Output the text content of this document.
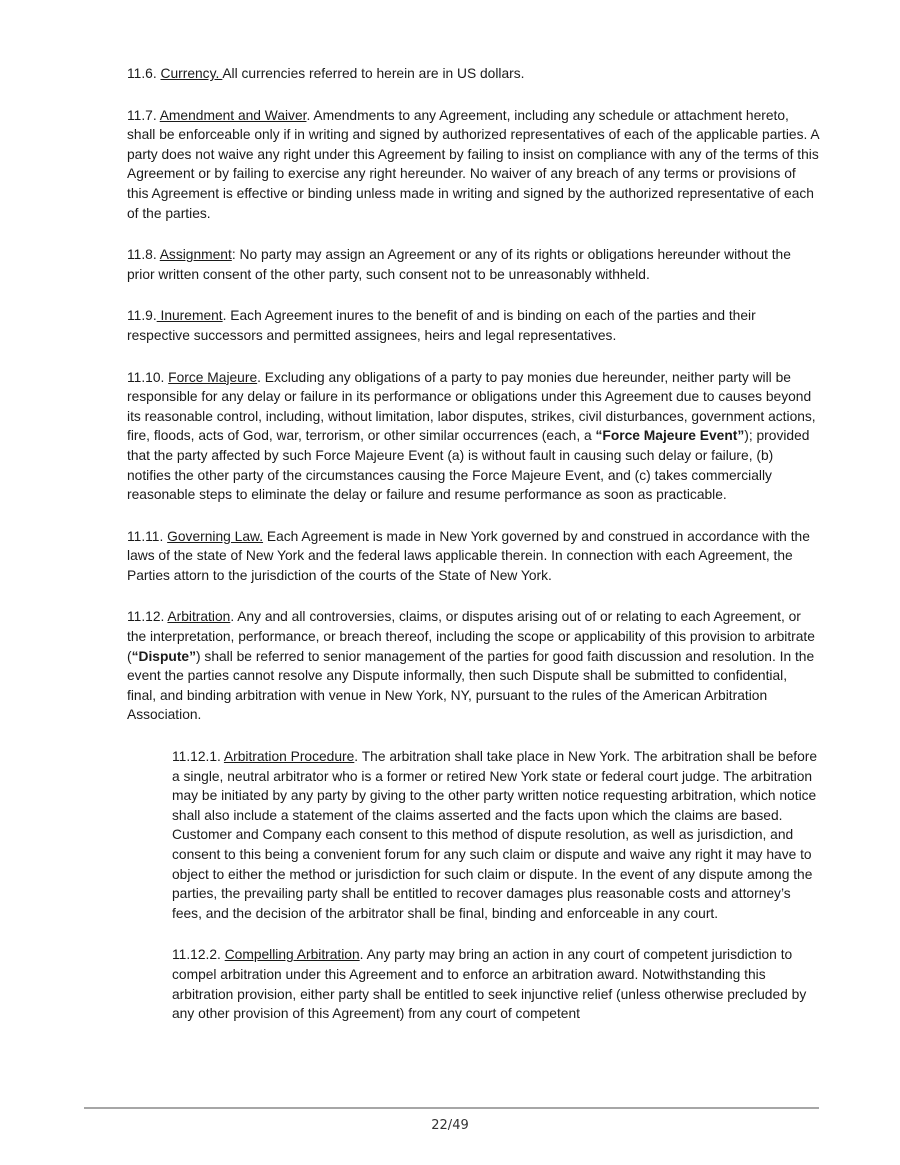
11.6. Currency. All currencies referred to herein are in US dollars.

11.7. Amendment and Waiver. Amendments to any Agreement, including any schedule or attachment hereto, shall be enforceable only if in writing and signed by authorized representatives of each of the applicable parties. A party does not waive any right under this Agreement by failing to insist on compliance with any of the terms of this Agreement or by failing to exercise any right hereunder. No waiver of any breach of any terms or provisions of this Agreement is effective or binding unless made in writing and signed by the authorized representative of each of the parties.

11.8. Assignment: No party may assign an Agreement or any of its rights or obligations hereunder without the prior written consent of the other party, such consent not to be unreasonably withheld.

11.9. Inurement. Each Agreement inures to the benefit of and is binding on each of the parties and their respective successors and permitted assignees, heirs and legal representatives.

11.10. Force Majeure. Excluding any obligations of a party to pay monies due hereunder, neither party will be responsible for any delay or failure in its performance or obligations under this Agreement due to causes beyond its reasonable control, including, without limitation, labor disputes, strikes, civil disturbances, government actions, fire, floods, acts of God, war, terrorism, or other similar occurrences (each, a “Force Majeure Event”); provided that the party affected by such Force Majeure Event (a) is without fault in causing such delay or failure, (b) notifies the other party of the circumstances causing the Force Majeure Event, and (c) takes commercially reasonable steps to eliminate the delay or failure and resume performance as soon as practicable.

11.11. Governing Law. Each Agreement is made in New York governed by and construed in accordance with the laws of the state of New York and the federal laws applicable therein. In connection with each Agreement, the Parties attorn to the jurisdiction of the courts of the State of New York.

11.12. Arbitration. Any and all controversies, claims, or disputes arising out of or relating to each Agreement, or the interpretation, performance, or breach thereof, including the scope or applicability of this provision to arbitrate (“Dispute”) shall be referred to senior management of the parties for good faith discussion and resolution. In the event the parties cannot resolve any Dispute informally, then such Dispute shall be submitted to confidential, final, and binding arbitration with venue in New York, NY, pursuant to the rules of the American Arbitration Association.

11.12.1. Arbitration Procedure. The arbitration shall take place in New York. The arbitration shall be before a single, neutral arbitrator who is a former or retired New York state or federal court judge. The arbitration may be initiated by any party by giving to the other party written notice requesting arbitration, which notice shall also include a statement of the claims asserted and the facts upon which the claims are based. Customer and Company each consent to this method of dispute resolution, as well as jurisdiction, and consent to this being a convenient forum for any such claim or dispute and waive any right it may have to object to either the method or jurisdiction for such claim or dispute. In the event of any dispute among the parties, the prevailing party shall be entitled to recover damages plus reasonable costs and attorney’s fees, and the decision of the arbitrator shall be final, binding and enforceable in any court.

11.12.2. Compelling Arbitration. Any party may bring an action in any court of competent jurisdiction to compel arbitration under this Agreement and to enforce an arbitration award. Notwithstanding this arbitration provision, either party shall be entitled to seek injunctive relief (unless otherwise precluded by any other provision of this Agreement) from any court of competent

22/49
